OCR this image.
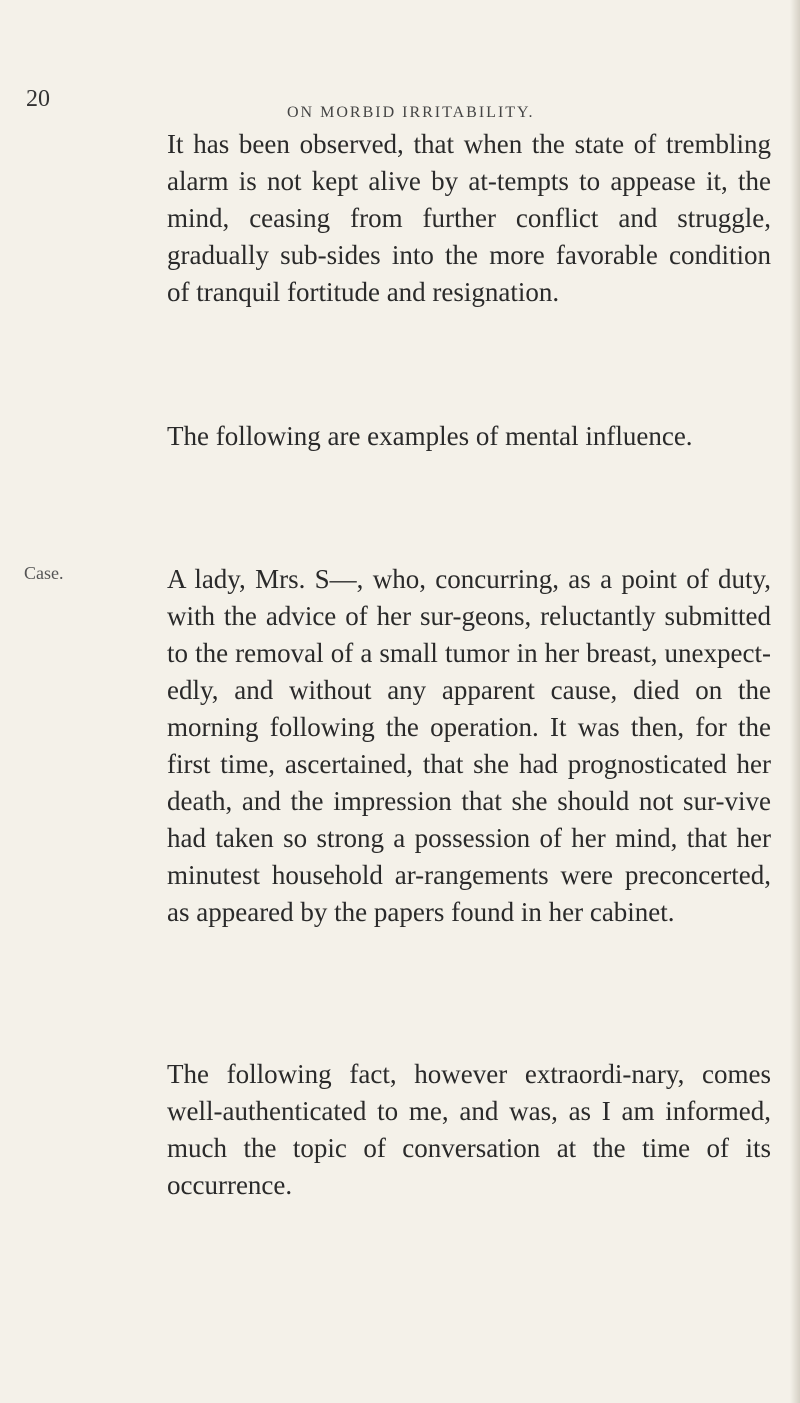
20
ON MORBID IRRITABILITY.

It has been observed, that when the state of trembling alarm is not kept alive by at-tempts to appease it, the mind, ceasing from further conflict and struggle, gradually sub-sides into the more favorable condition of tranquil fortitude and resignation.

The following are examples of mental influence.

Case.	A lady, Mrs. S—, who, concurring, as a point of duty, with the advice of her sur-geons, reluctantly submitted to the removal of a small tumor in her breast, unexpect-edly, and without any apparent cause, died on the morning following the operation. It was then, for the first time, ascertained, that she had prognosticated her death, and the impression that she should not sur-vive had taken so strong a possession of her mind, that her minutest household ar-rangements were preconcerted, as appeared by the papers found in her cabinet.

The following fact, however extraordi-nary, comes well-authenticated to me, and was, as I am informed, much the topic of conversation at the time of its occurrence.
